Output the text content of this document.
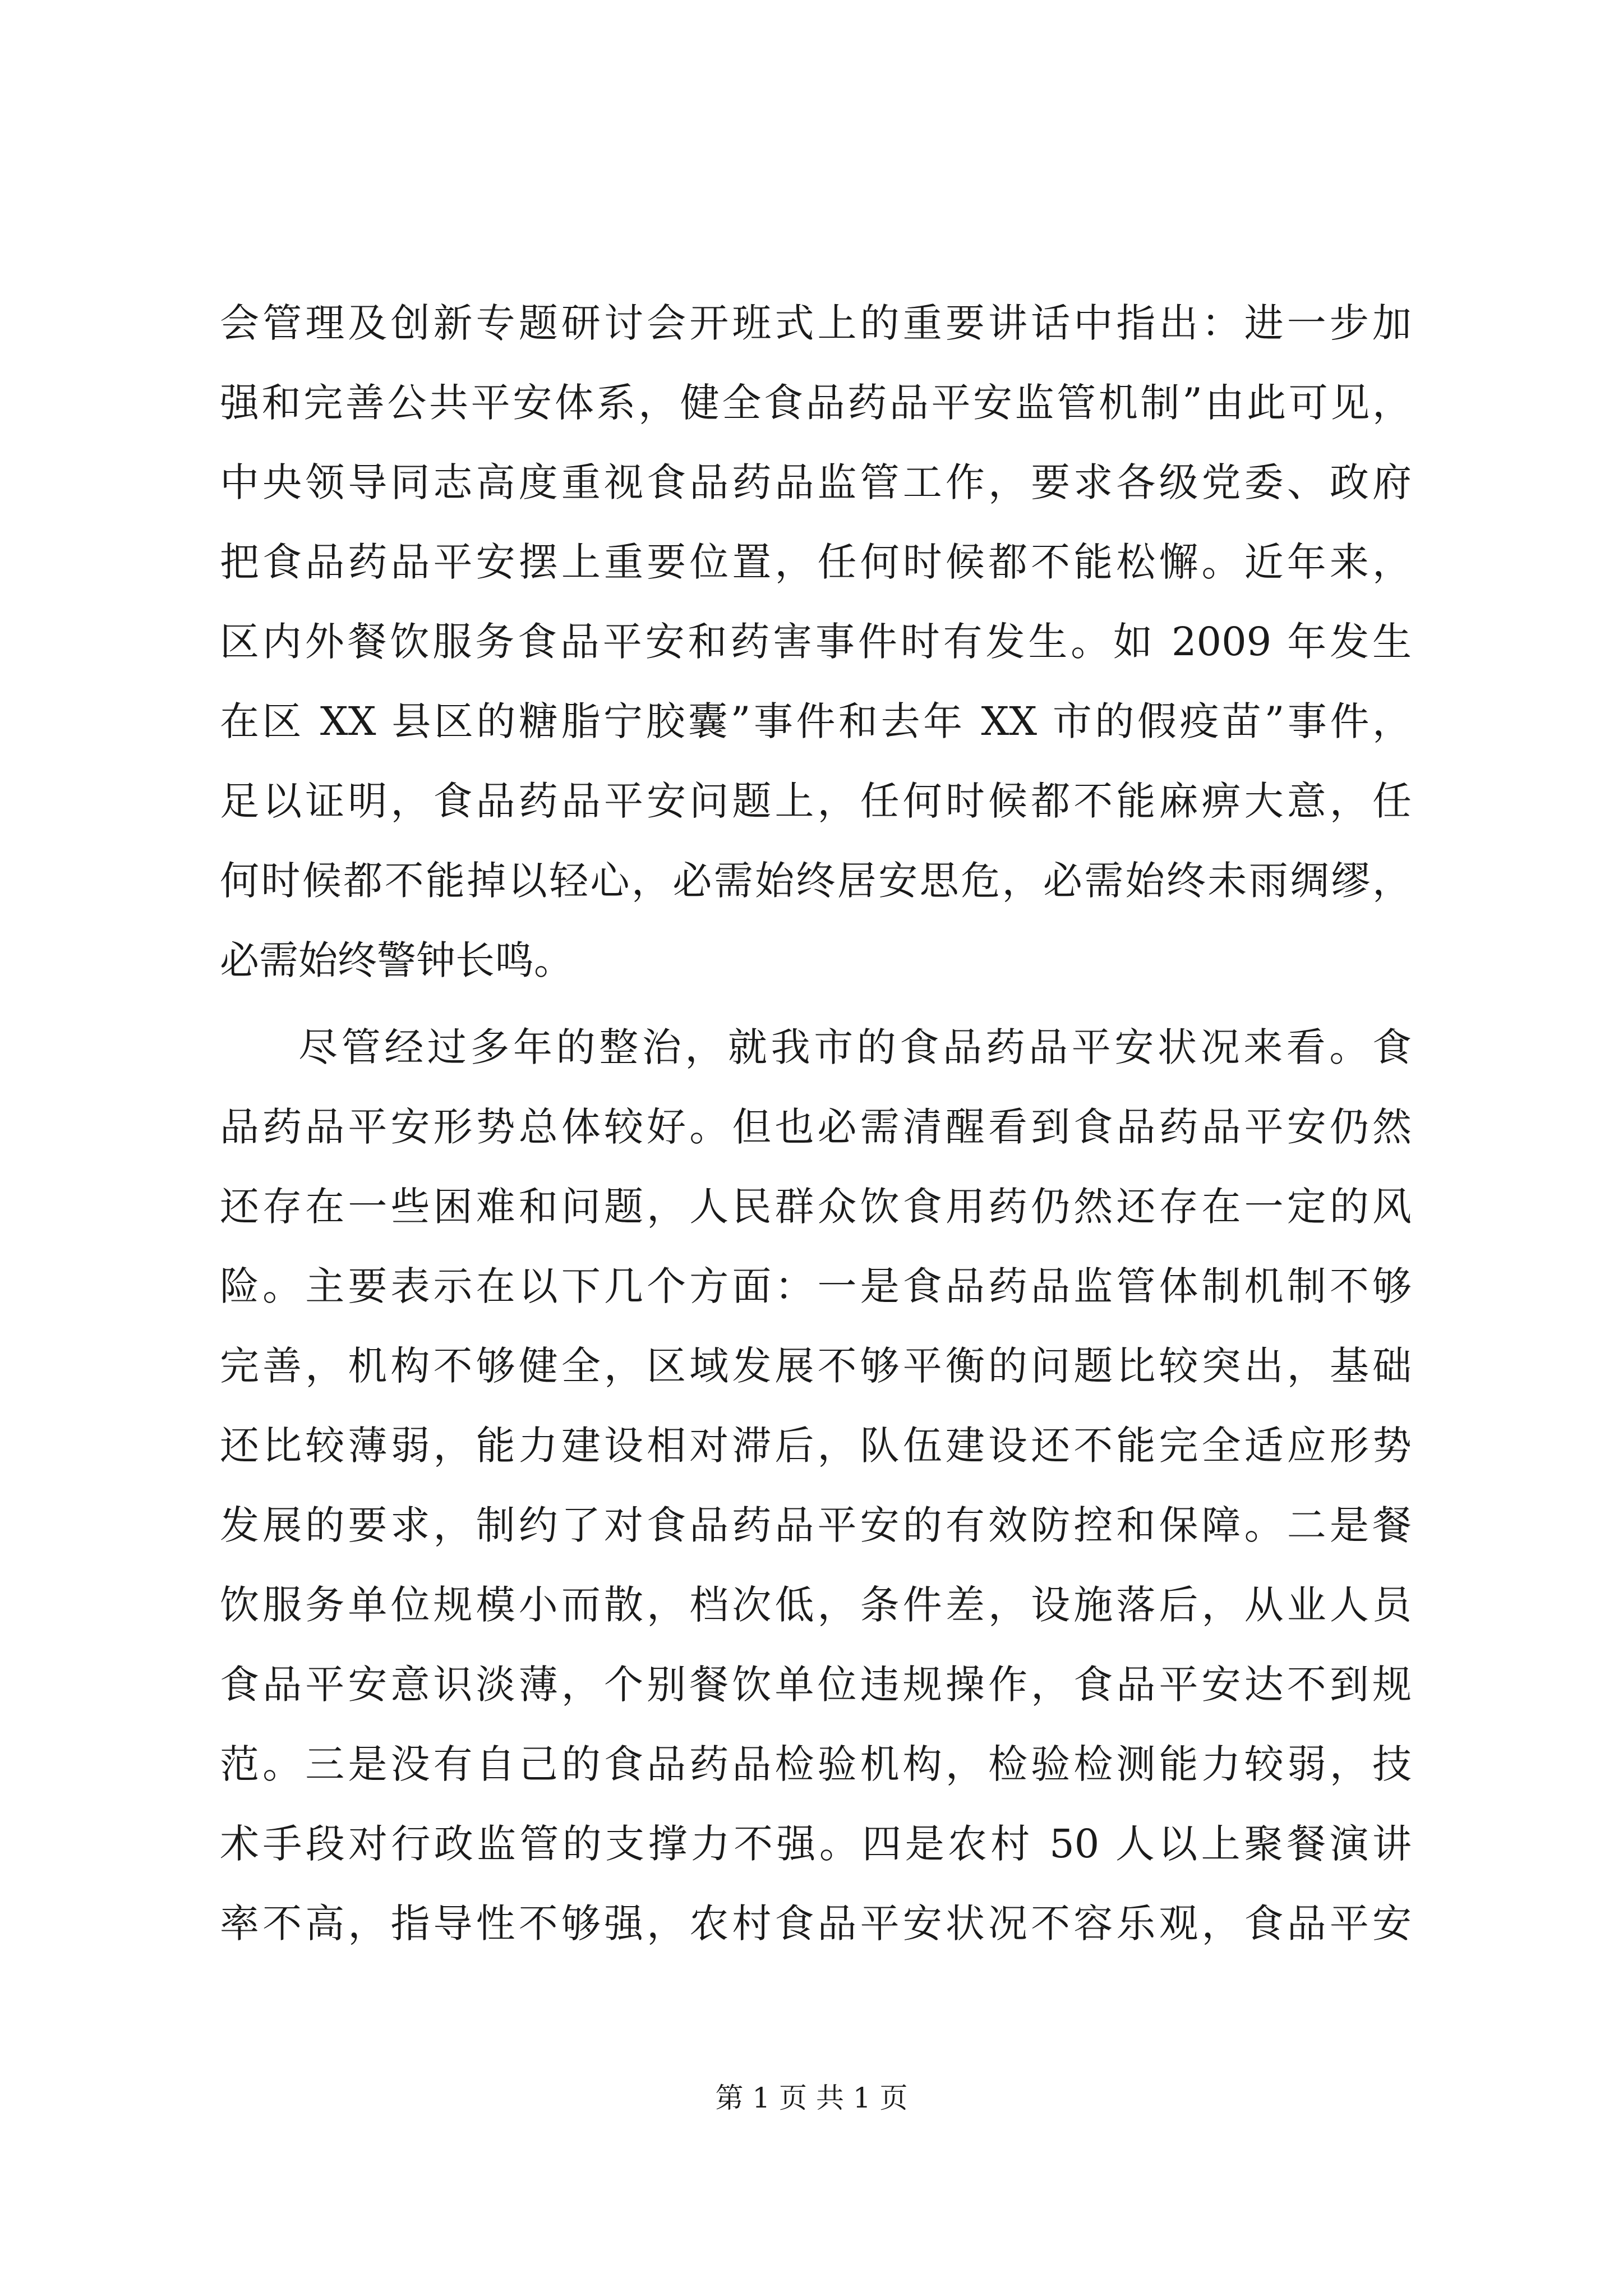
会管理及创新专题研讨会开班式上的重要讲话中指出：进一步加
强和完善公共平安体系，健全食品药品平安监管机制”由此可见，
中央领导同志高度重视食品药品监管工作，要求各级党委、政府
把食品药品平安摆上重要位置，任何时候都不能松懈。近年来，
区内外餐饮服务食品平安和药害事件时有发生。如 2009 年发生
在区 XX 县区的糖脂宁胶囊”事件和去年 XX 市的假疫苗”事件，
足以证明，食品药品平安问题上，任何时候都不能麻痹大意，任
何时候都不能掉以轻心，必需始终居安思危，必需始终未雨绸缪，
必需始终警钟长鸣。
尽管经过多年的整治，就我市的食品药品平安状况来看。食
品药品平安形势总体较好。但也必需清醒看到食品药品平安仍然
还存在一些困难和问题，人民群众饮食用药仍然还存在一定的风
险。主要表示在以下几个方面：一是食品药品监管体制机制不够
完善，机构不够健全，区域发展不够平衡的问题比较突出，基础
还比较薄弱，能力建设相对滞后，队伍建设还不能完全适应形势
发展的要求，制约了对食品药品平安的有效防控和保障。二是餐
饮服务单位规模小而散，档次低，条件差，设施落后，从业人员
食品平安意识淡薄，个别餐饮单位违规操作，食品平安达不到规
范。三是没有自己的食品药品检验机构，检验检测能力较弱，技
术手段对行政监管的支撑力不强。四是农村 50 人以上聚餐演讲
率不高，指导性不够强，农村食品平安状况不容乐观，食品平安
第 1 页 共 1 页
